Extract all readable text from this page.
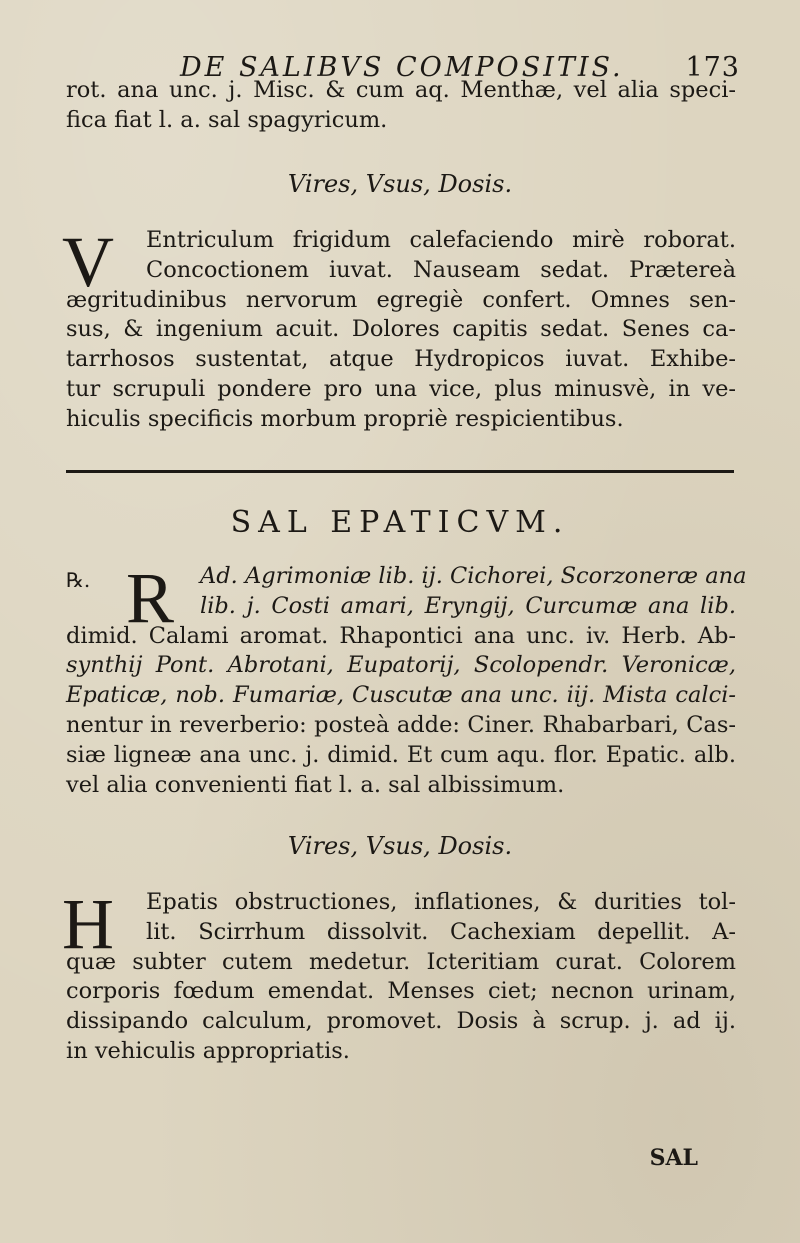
DE SALIBVS COMPOSITIS. 173
rot. ana unc. j. Misc. & cum aq. Menthæ, vel alia speci-
fica fiat l. a. sal spagyricum.
Vires, Vsus, Dosis.
V	Entriculum frigidum calefaciendo mirè roborat.
Concoctionem iuvat. Nauseam sedat. Prætereà
ægritudinibus nervorum egregiè confert. Omnes sen-
sus, & ingenium acuit. Dolores capitis sedat. Senes ca-
tarrhosos sustentat, atque Hydropicos iuvat. Exhibe-
tur scrupuli pondere pro una vice, plus minusvè, in ve-
hiculis specificis morbum propriè respicientibus.
SAL EPATICVM.
℞. R	Ad. Agrimoniæ lib. ij. Cichorei, Scorzoneræ ana
lib. j. Costi amari, Eryngij, Curcumæ ana lib.
dimid. Calami aromat. Rhapontici ana unc. iv. Herb. Ab-
synthij Pont. Abrotani, Eupatorij, Scolopendr. Veronicæ,
Epaticæ, nob. Fumariæ, Cuscutæ ana unc. iij. Mista calci-
nentur in reverberio: posteà adde: Ciner. Rhabarbari, Cas-
siæ ligneæ ana unc. j. dimid. Et cum aqu. flor. Epatic. alb.
vel alia convenienti fiat l. a. sal albissimum.
Vires, Vsus, Dosis.
H	Epatis obstructiones, inflationes, & durities tol-
lit. Scirrhum dissolvit. Cachexiam depellit. A-
quæ subter cutem medetur. Icteritiam curat. Colorem
corporis fœdum emendat. Menses ciet; necnon urinam,
dissipando calculum, promovet. Dosis à scrup. j. ad ij.
in vehiculis appropriatis.
SAL
